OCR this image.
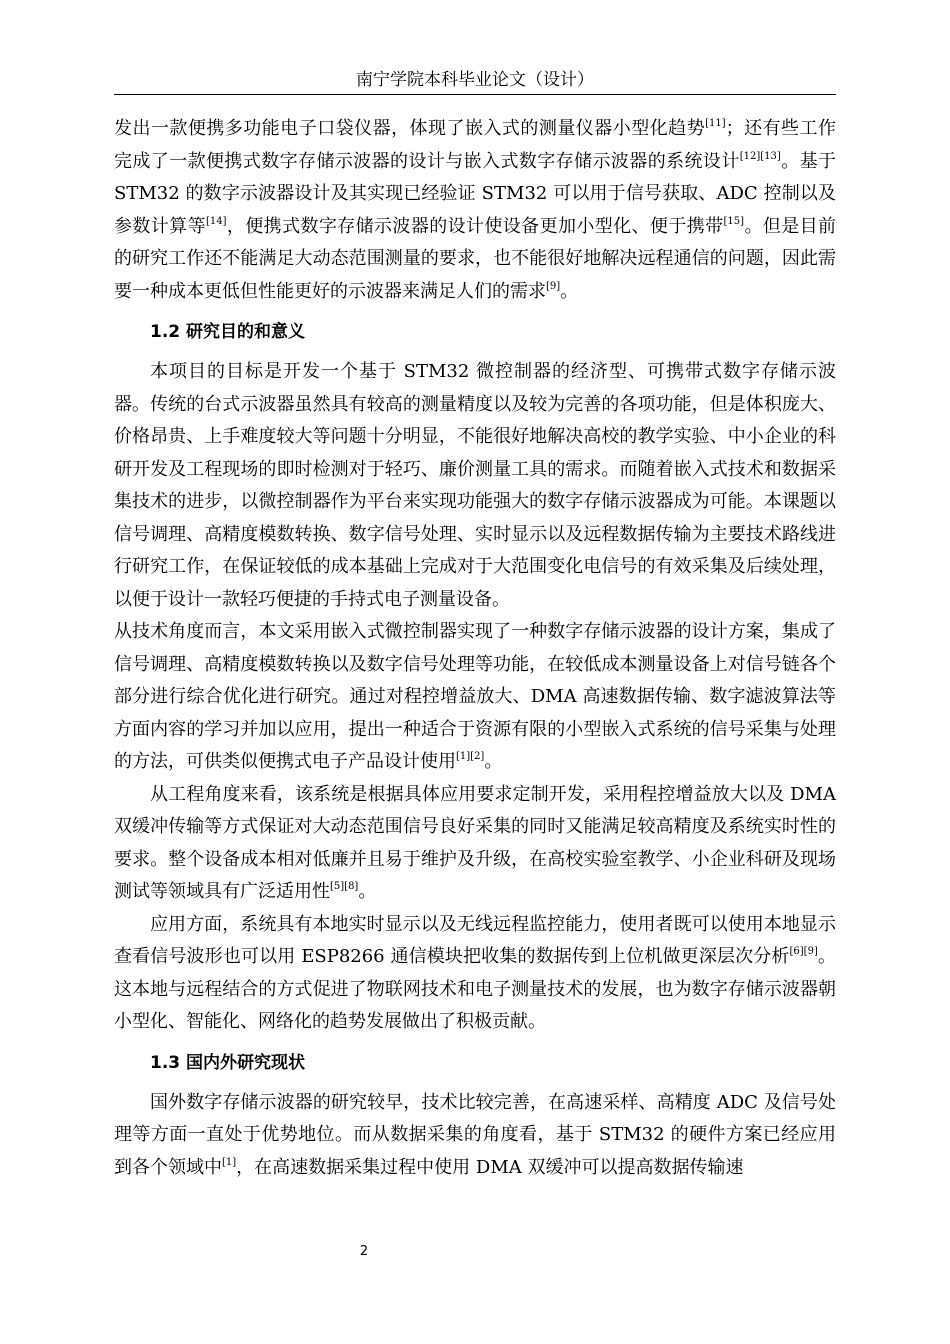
南宁学院本科毕业论文（设计）

发出一款便携多功能电子口袋仪器，体现了嵌入式的测量仪器小型化趋势[11]；还有些工作完成了一款便携式数字存储示波器的设计与嵌入式数字存储示波器的系统设计[12][13]。基于 STM32 的数字示波器设计及其实现已经验证 STM32 可以用于信号获取、ADC 控制以及参数计算等[14]，便携式数字存储示波器的设计使设备更加小型化、便于携带[15]。但是目前的研究工作还不能满足大动态范围测量的要求，也不能很好地解决远程通信的问题，因此需要一种成本更低但性能更好的示波器来满足人们的需求[9]。

1.2 研究目的和意义

本项目的目标是开发一个基于 STM32 微控制器的经济型、可携带式数字存储示波器。传统的台式示波器虽然具有较高的测量精度以及较为完善的各项功能，但是体积庞大、价格昂贵、上手难度较大等问题十分明显，不能很好地解决高校的教学实验、中小企业的科研开发及工程现场的即时检测对于轻巧、廉价测量工具的需求。而随着嵌入式技术和数据采集技术的进步，以微控制器作为平台来实现功能强大的数字存储示波器成为可能。本课题以信号调理、高精度模数转换、数字信号处理、实时显示以及远程数据传输为主要技术路线进行研究工作，在保证较低的成本基础上完成对于大范围变化电信号的有效采集及后续处理，以便于设计一款轻巧便捷的手持式电子测量设备。

从技术角度而言，本文采用嵌入式微控制器实现了一种数字存储示波器的设计方案，集成了信号调理、高精度模数转换以及数字信号处理等功能，在较低成本测量设备上对信号链各个部分进行综合优化进行研究。通过对程控增益放大、DMA 高速数据传输、数字滤波算法等方面内容的学习并加以应用，提出一种适合于资源有限的小型嵌入式系统的信号采集与处理的方法，可供类似便携式电子产品设计使用[1][2]。

从工程角度来看，该系统是根据具体应用要求定制开发，采用程控增益放大以及 DMA 双缓冲传输等方式保证对大动态范围信号良好采集的同时又能满足较高精度及系统实时性的要求。整个设备成本相对低廉并且易于维护及升级，在高校实验室教学、小企业科研及现场测试等领域具有广泛适用性[5][8]。

应用方面，系统具有本地实时显示以及无线远程监控能力，使用者既可以使用本地显示查看信号波形也可以用 ESP8266 通信模块把收集的数据传到上位机做更深层次分析[6][9]。这本地与远程结合的方式促进了物联网技术和电子测量技术的发展，也为数字存储示波器朝小型化、智能化、网络化的趋势发展做出了积极贡献。

1.3 国内外研究现状

国外数字存储示波器的研究较早，技术比较完善，在高速采样、高精度 ADC 及信号处理等方面一直处于优势地位。而从数据采集的角度看，基于 STM32 的硬件方案已经应用到各个领域中[1]，在高速数据采集过程中使用 DMA 双缓冲可以提高数据传输速

2
